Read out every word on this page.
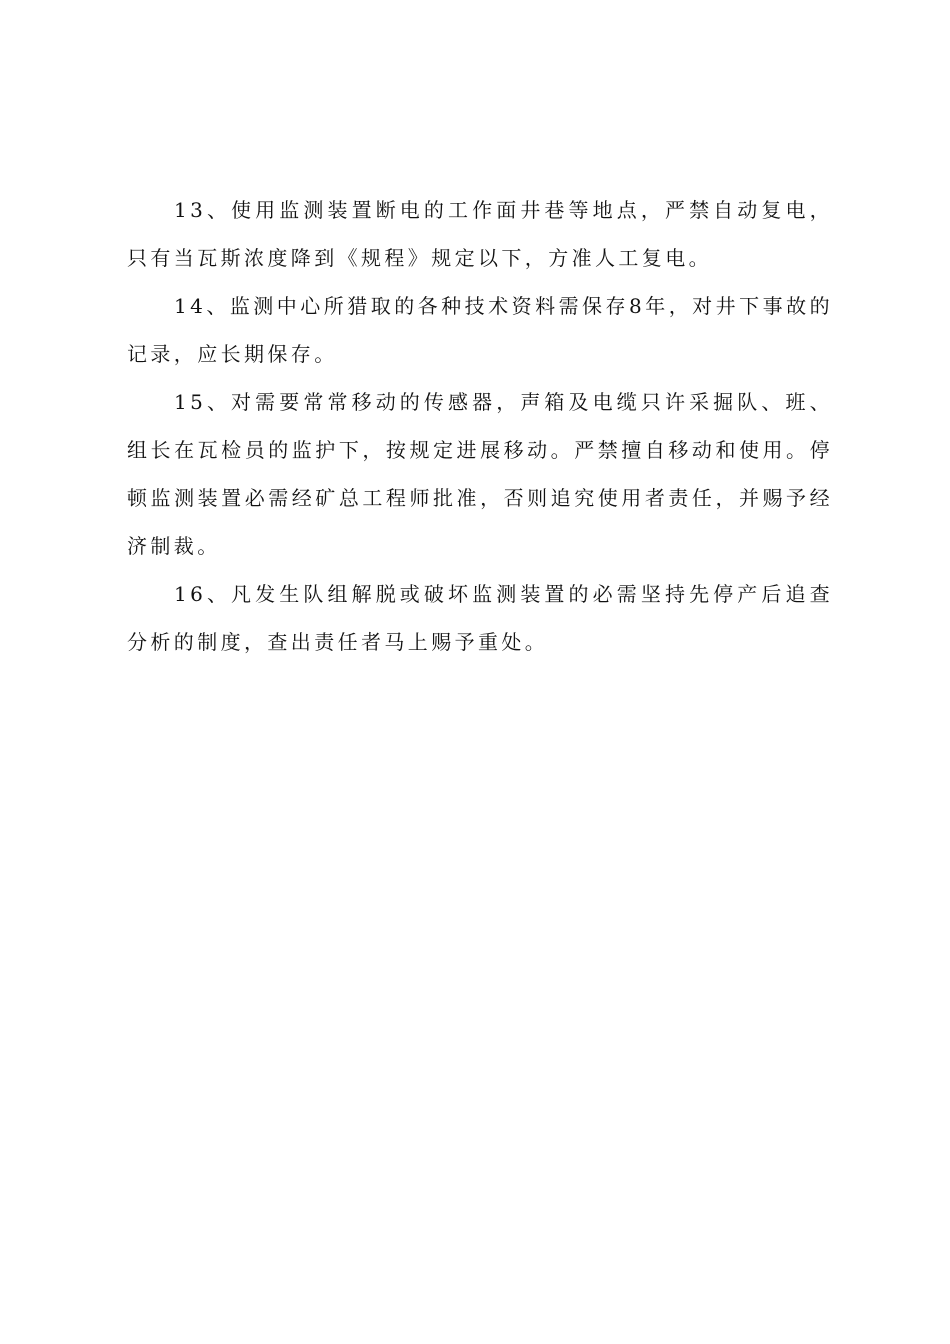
13、使用监测装置断电的工作面井巷等地点，严禁自动复电，只有当瓦斯浓度降到《规程》规定以下，方准人工复电。

14、监测中心所猎取的各种技术资料需保存8年，对井下事故的记录，应长期保存。

15、对需要常常移动的传感器，声箱及电缆只许采掘队、班、组长在瓦检员的监护下，按规定进展移动。严禁擅自移动和使用。停顿监测装置必需经矿总工程师批准，否则追究使用者责任，并赐予经济制裁。

16、凡发生队组解脱或破坏监测装置的必需坚持先停产后追查分析的制度，查出责任者马上赐予重处。
